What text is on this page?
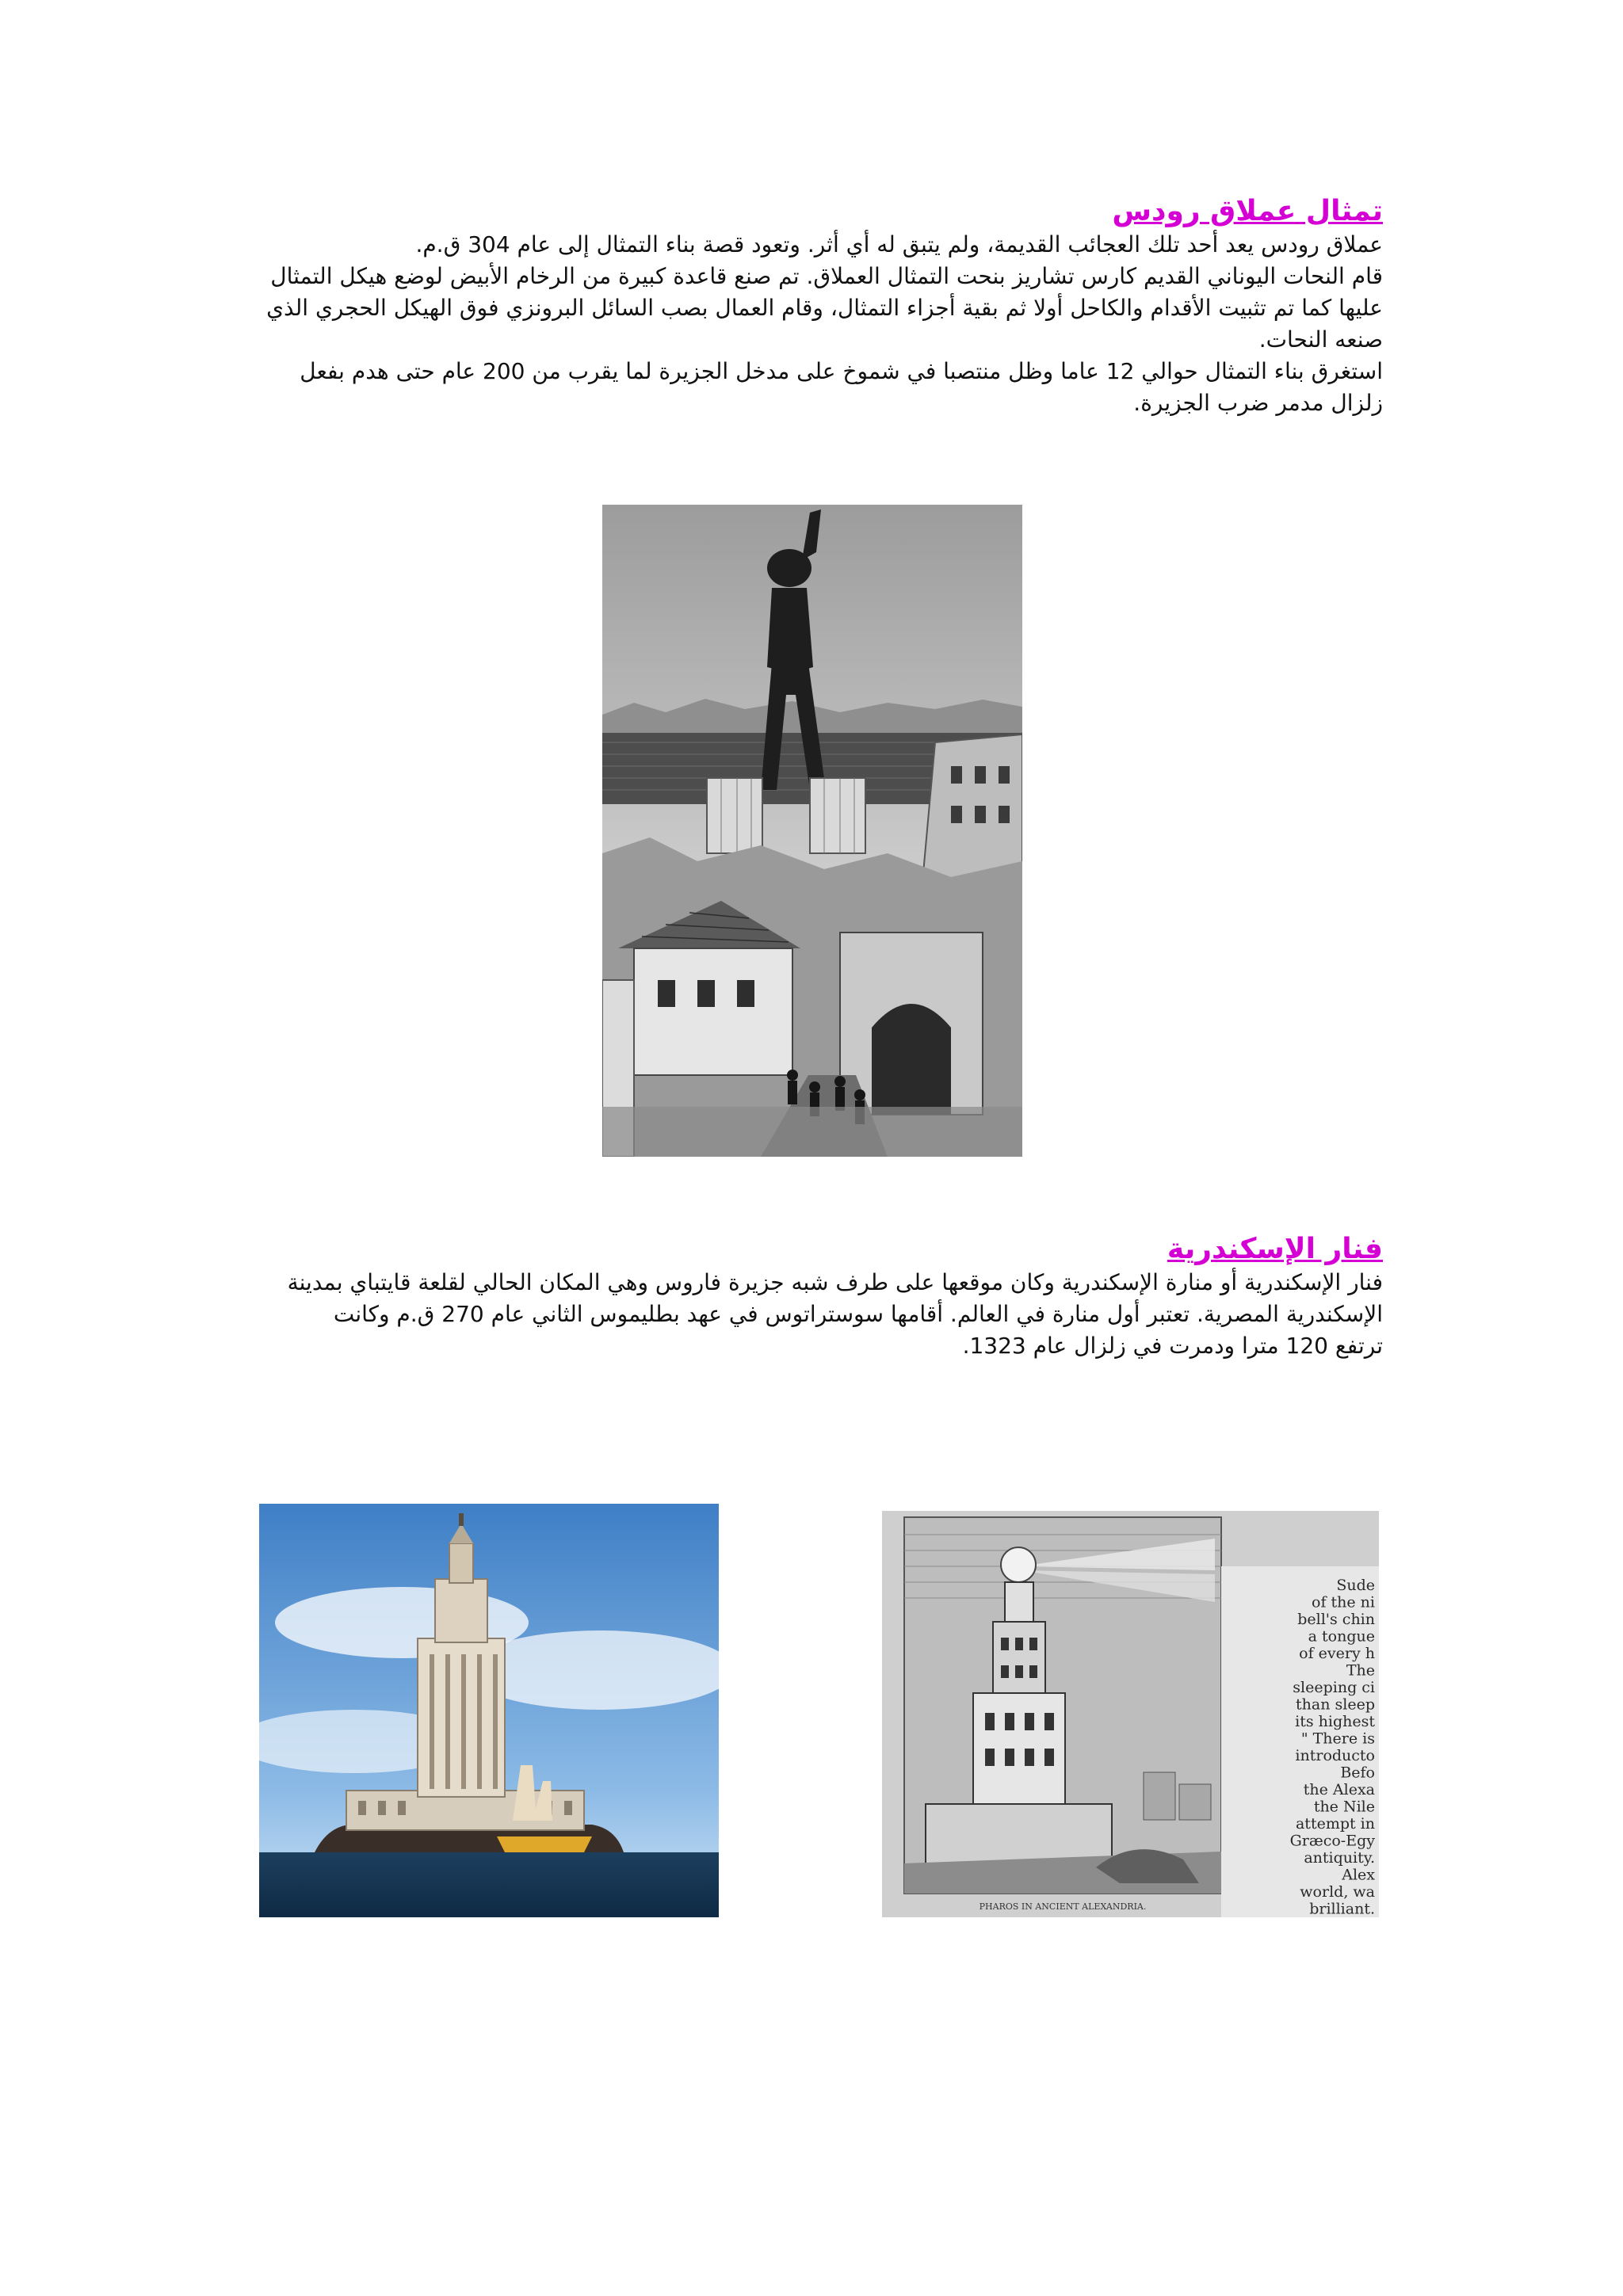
تمثال عملاق رودس

عملاق رودس يعد أحد تلك العجائب القديمة، ولم يتبق له أي أثر. وتعود قصة بناء التمثال إلى عام 304 ق.م.

قام النحات اليوناني القديم كارس تشاريز بنحت التمثال العملاق. تم صنع قاعدة كبيرة من الرخام الأبيض لوضع هيكل التمثال عليها كما تم تثبيت الأقدام والكاحل أولا ثم بقية أجزاء التمثال، وقام العمال بصب السائل البرونزي فوق الهيكل الحجري الذي صنعه النحات.

استغرق بناء التمثال حوالي 12 عاما وظل منتصبا في شموخ على مدخل الجزيرة لما يقرب من 200 عام حتى هدم بفعل زلزال مدمر ضرب الجزيرة.

فنار الإسكندرية

فنار الإسكندرية أو منارة الإسكندرية وكان موقعها على طرف شبه جزيرة فاروس وهي المكان الحالي لقلعة قايتباي بمدينة الإسكندرية المصرية. تعتبر أول منارة في العالم. أقامها سوستراتوس في عهد بطليموس الثاني عام 270 ق.م وكانت ترتفع 120 مترا ودمرت في زلزال عام 1323.

Sude
of the ni
bell's chin
a tongue
of every h
The
sleeping ci
than sleep
its highest
" There is
introducto
Befo
the Alexa
the Nile
attempt in
Græco-Egy
antiquity.
Alex
world, wa
brilliant.
PHAROS IN ANCIENT ALEXANDRIA.
